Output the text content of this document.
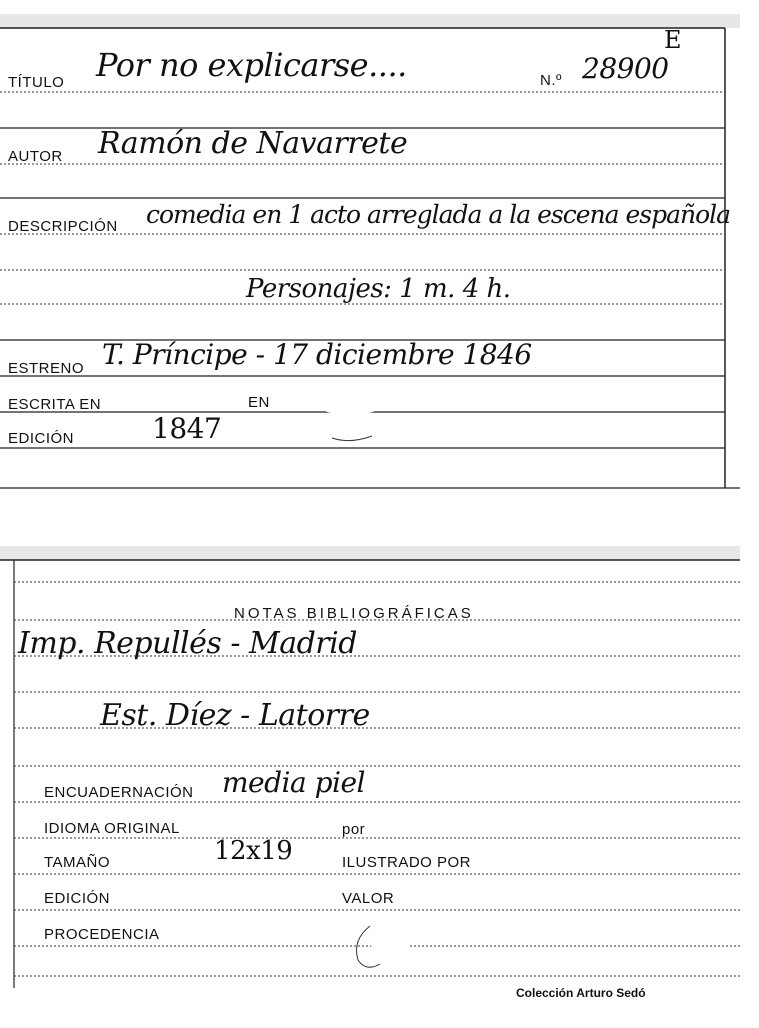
TÍTULO Por no explicarse....	N.º 28900
E
AUTOR Ramón de Navarrete
DESCRIPCIÓN comedia en 1 acto arreglada a la escena española
Personajes: 1 m. 4 h.
ESTRENO T. Príncipe - 17 diciembre 1846
ESCRITA EN	EN
EDICIÓN	1847
NOTAS BIBLIOGRÁFICAS
Imp. Repullés - Madrid
Est. Díez - Latorre
ENCUADERNACIÓN media piel
IDIOMA ORIGINAL	por
TAMAÑO	12x19	ILUSTRADO POR
EDICIÓN	VALOR
PROCEDENCIA
Colección Arturo Sedó
